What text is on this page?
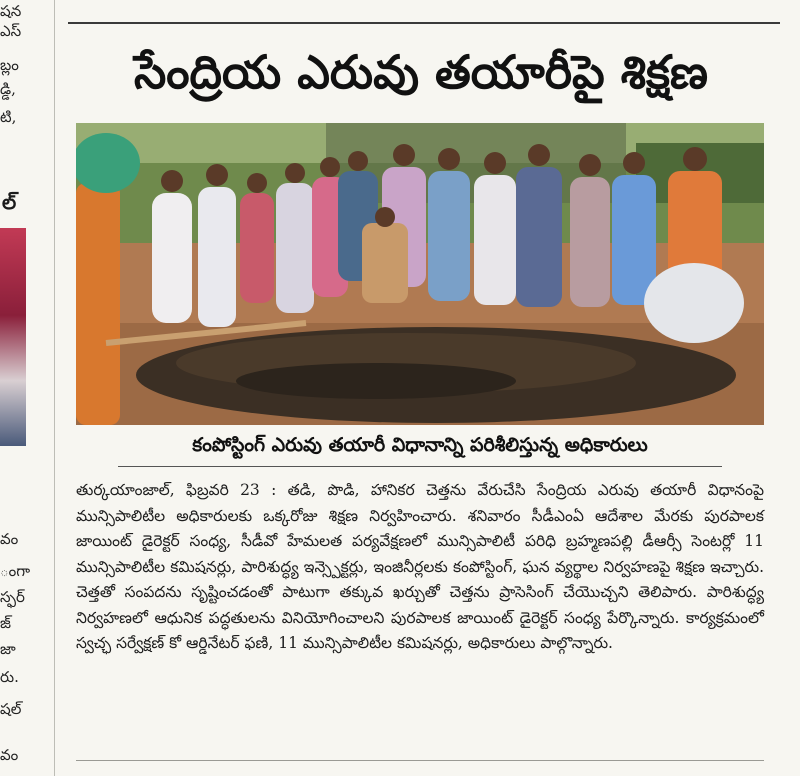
షన
ఎస్
బ్లం
డ్డి,
టి,
ల్
వం
ంగా
స్ఫర్
జ్
జా
రు.
షల్
వం
సేంద్రియ ఎరువు తయారీపై శిక్షణ
కంపోస్టింగ్ ఎరువు తయారీ విధానాన్ని పరిశీలిస్తున్న అధికారులు
తుర్కయాంజాల్, ఫిబ్రవరి 23 : తడి, పొడి, హానికర చెత్తను వేరుచేసి సేంద్రియ ఎరువు తయారీ విధానంపై మున్సిపాలిటీల అధికారులకు ఒక్కరోజు శిక్షణ నిర్వహించారు. శనివారం సీడీఎంఏ ఆదేశాల మేరకు పురపాలక జాయింట్ డైరెక్టర్ సంధ్య, సీడీవో హేమలత పర్యవేక్షణలో మున్సిపాలిటీ పరిధి బ్రహ్మణపల్లి డీఆర్సీ సెంటర్లో 11 మున్సిపాలిటీల కమిషనర్లు, పారిశుద్ధ్య ఇన్స్పెక్టర్లు, ఇంజినీర్లలకు కంపోస్టింగ్, ఘన వ్యర్థాల నిర్వహణపై శిక్షణ ఇచ్చారు. చెత్తతో సంపదను సృష్టించడంతో పాటుగా తక్కువ ఖర్చుతో చెత్తను ప్రాసెసింగ్ చేయొచ్చని తెలిపారు. పారిశుద్ధ్య నిర్వహణలో ఆధునిక పద్ధతులను వినియోగించాలని పురపాలక జాయింట్ డైరెక్టర్ సంధ్య పేర్కొన్నారు. కార్యక్రమంలో స్వచ్ఛ సర్వేక్షణ్ కో ఆర్డినేటర్ ఫణి, 11 మున్సిపాలిటీల కమిషనర్లు, అధికారులు పాల్గొన్నారు.
